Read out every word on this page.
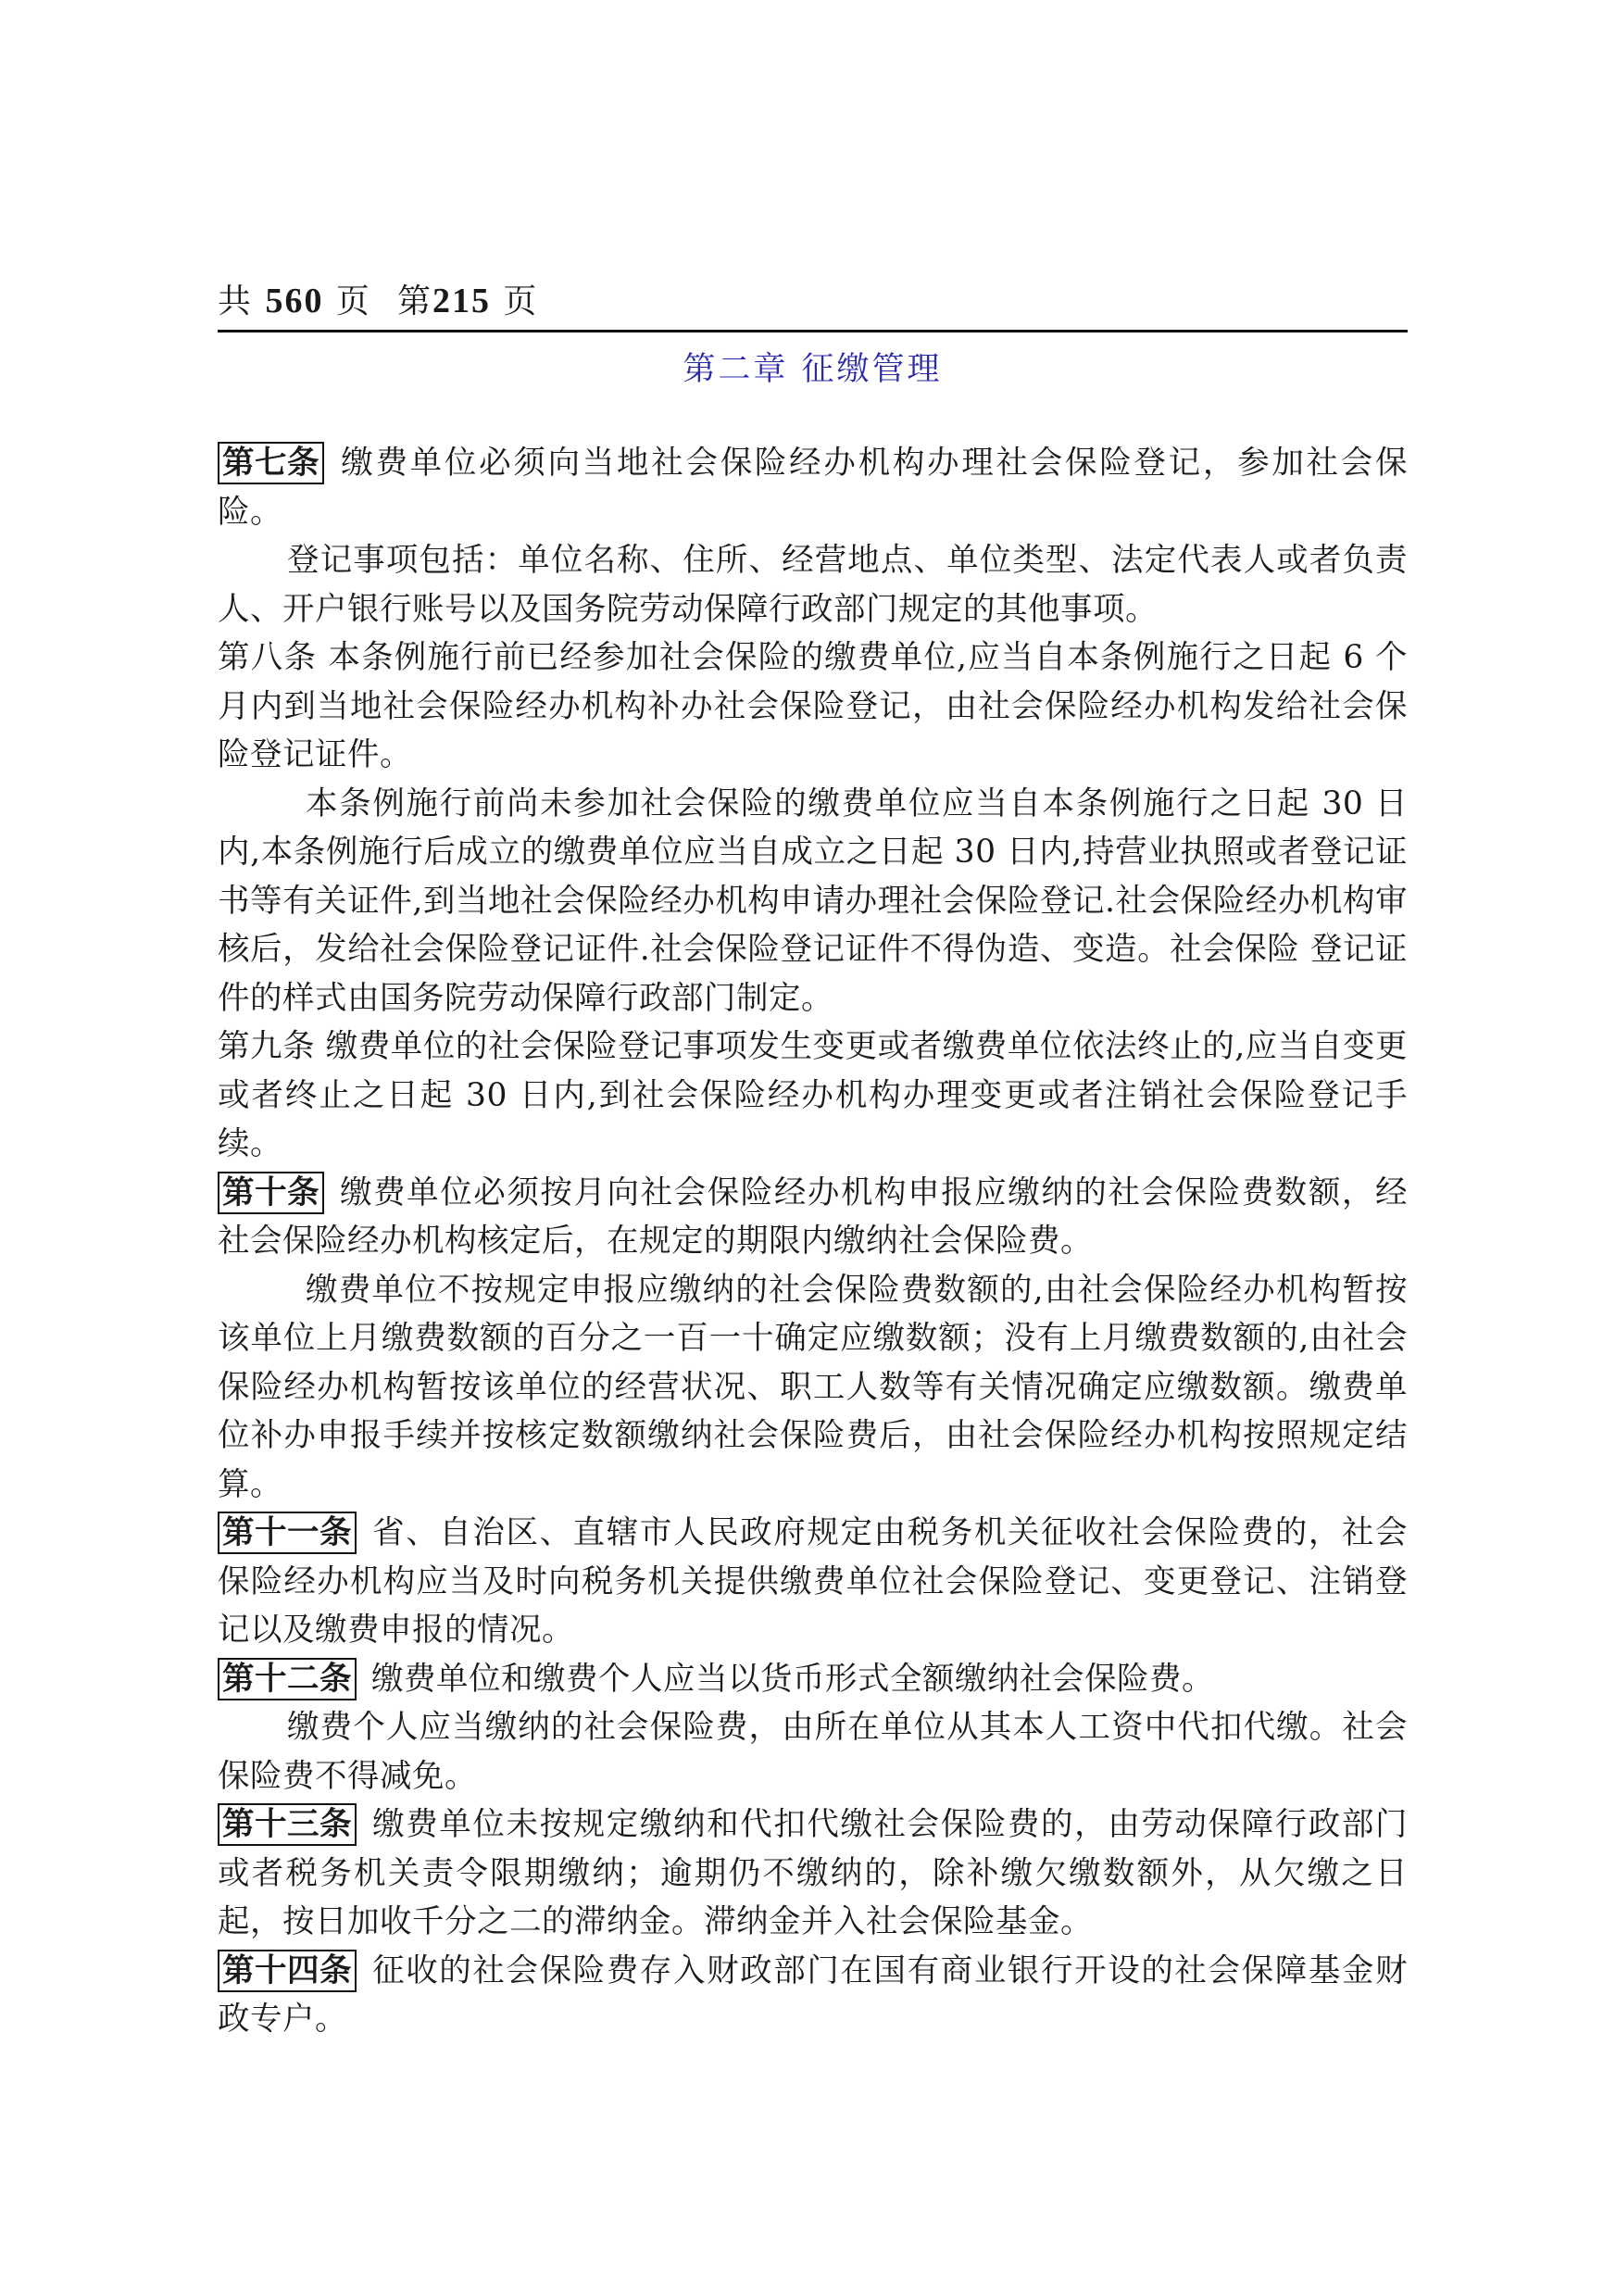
共 560 页 第215 页
第二章 征缴管理

第七条 缴费单位必须向当地社会保险经办机构办理社会保险登记，参加社会保险。

登记事项包括：单位名称、住所、经营地点、单位类型、法定代表人或者负责人、开户银行账号以及国务院劳动保障行政部门规定的其他事项。

第八条 本条例施行前已经参加社会保险的缴费单位,应当自本条例施行之日起 6 个月内到当地社会保险经办机构补办社会保险登记，由社会保险经办机构发给社会保险登记证件。

本条例施行前尚未参加社会保险的缴费单位应当自本条例施行之日起 30 日内,本条例施行后成立的缴费单位应当自成立之日起 30 日内,持营业执照或者登记证 书等有关证件,到当地社会保险经办机构申请办理社会保险登记.社会保险经办机构审核后，发给社会保险登记证件.社会保险登记证件不得伪造、变造。社会保险 登记证件的样式由国务院劳动保障行政部门制定。

第九条 缴费单位的社会保险登记事项发生变更或者缴费单位依法终止的,应当自变更或者终止之日起 30 日内,到社会保险经办机构办理变更或者注销社会保险登记手续。

第十条 缴费单位必须按月向社会保险经办机构申报应缴纳的社会保险费数额，经社会保险经办机构核定后，在规定的期限内缴纳社会保险费。

缴费单位不按规定申报应缴纳的社会保险费数额的,由社会保险经办机构暂按该单位上月缴费数额的百分之一百一十确定应缴数额；没有上月缴费数额的,由社会 保险经办机构暂按该单位的经营状况、职工人数等有关情况确定应缴数额。缴费单位补办申报手续并按核定数额缴纳社会保险费后，由社会保险经办机构按照规定结 算。

第十一条 省、自治区、直辖市人民政府规定由税务机关征收社会保险费的，社会保险经办机构应当及时向税务机关提供缴费单位社会保险登记、变更登记、注销登记以及缴费申报的情况。

第十二条 缴费单位和缴费个人应当以货币形式全额缴纳社会保险费。

缴费个人应当缴纳的社会保险费，由所在单位从其本人工资中代扣代缴。社会保险费不得减免。

第十三条 缴费单位未按规定缴纳和代扣代缴社会保险费的，由劳动保障行政部门或者税务机关责令限期缴纳；逾期仍不缴纳的，除补缴欠缴数额外，从欠缴之日起，按日加收千分之二的滞纳金。滞纳金并入社会保险基金。

第十四条 征收的社会保险费存入财政部门在国有商业银行开设的社会保障基金财政专户。
